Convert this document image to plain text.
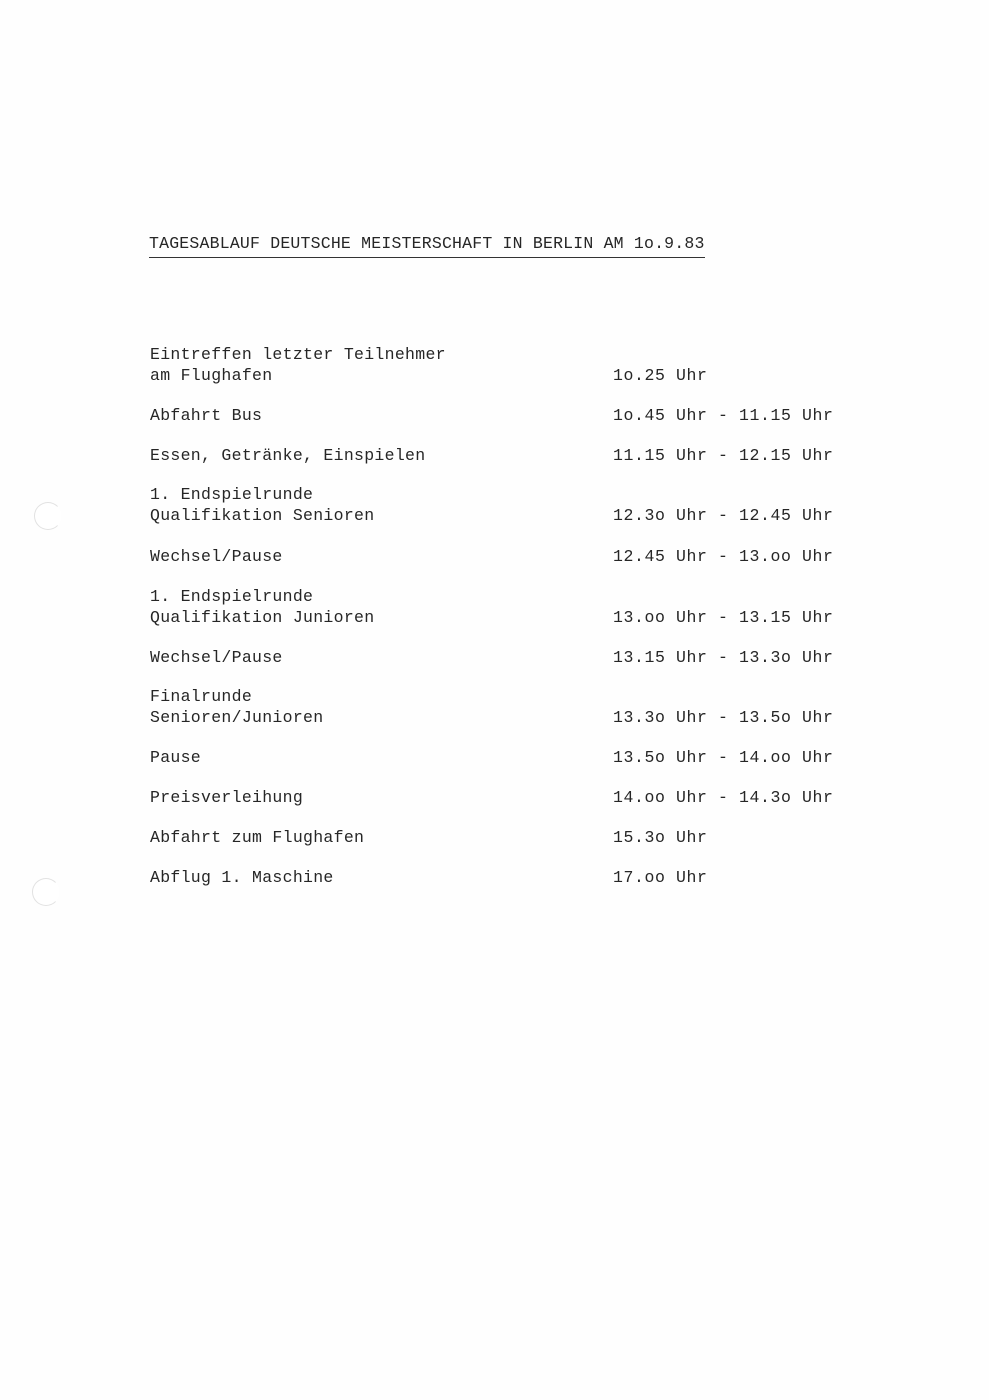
TAGESABLAUF DEUTSCHE MEISTERSCHAFT IN BERLIN AM 1o.9.83
Eintreffen letzter Teilnehmer
am Flughafen	1o.25 Uhr
Abfahrt Bus	1o.45 Uhr - 11.15 Uhr
Essen, Getränke, Einspielen	11.15 Uhr - 12.15 Uhr
1. Endspielrunde
Qualifikation Senioren	12.3o Uhr - 12.45 Uhr
Wechsel/Pause	12.45 Uhr - 13.oo Uhr
1. Endspielrunde
Qualifikation Junioren	13.oo Uhr - 13.15 Uhr
Wechsel/Pause	13.15 Uhr - 13.3o Uhr
Finalrunde
Senioren/Junioren	13.3o Uhr - 13.5o Uhr
Pause	13.5o Uhr - 14.oo Uhr
Preisverleihung	14.oo Uhr - 14.3o Uhr
Abfahrt zum Flughafen	15.3o Uhr
Abflug 1. Maschine	17.oo Uhr
